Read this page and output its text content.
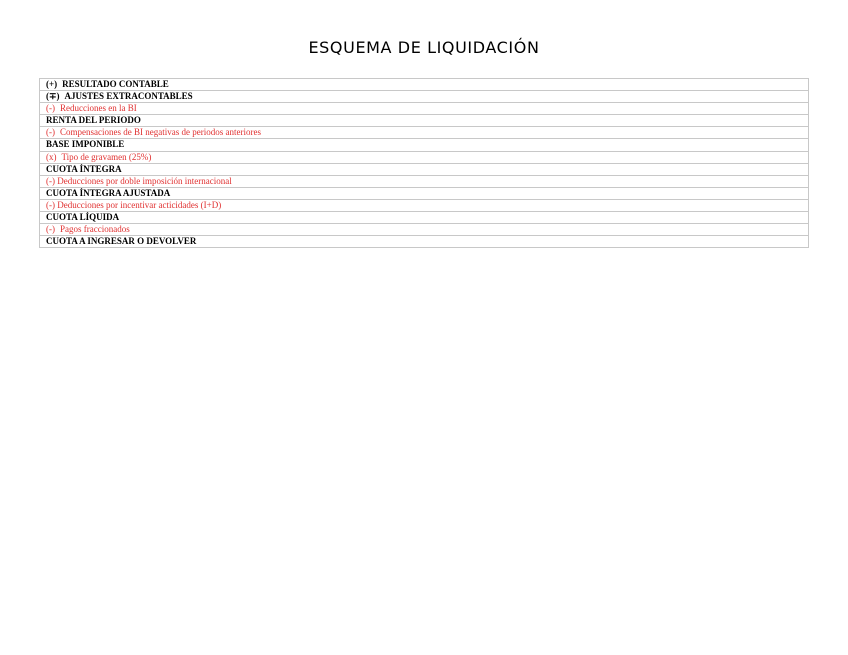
ESQUEMA DE LIQUIDACIÓN
(+) RESULTADO CONTABLE
(∓) AJUSTES EXTRACONTABLES
(-) Reducciones en la BI
RENTA DEL PERIODO
(-) Compensaciones de BI negativas de periodos anteriores
BASE IMPONIBLE
(x) Tipo de gravamen (25%)
CUOTA ÍNTEGRA
(-) Deducciones por doble imposición internacional
CUOTA ÍNTEGRA AJUSTADA
(-) Deducciones por incentivar acticidades (I+D)
CUOTA LÍQUIDA
(-) Pagos fraccionados
CUOTA A INGRESAR O DEVOLVER
